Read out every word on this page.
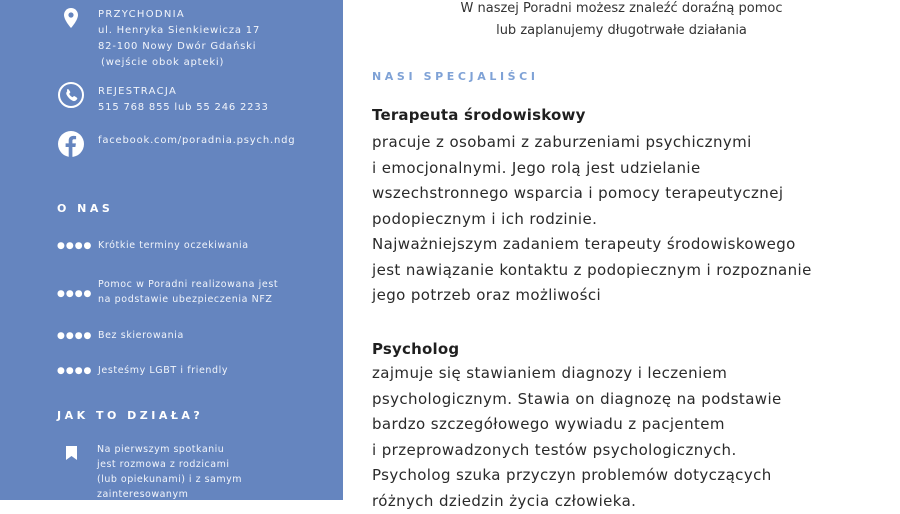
PRZYCHODNIA
ul. Henryka Sienkiewicza 17
82-100 Nowy Dwór Gdański
(wejście obok apteki)
REJESTRACJA
515 768 855 lub 55 246 2233
facebook.com/poradnia.psych.ndg
O NAS
●●●● Krótkie terminy oczekiwania
●●●●
Pomoc w Poradni realizowana jest
na podstawie ubezpieczenia NFZ
●●●● Bez skierowania
●●●● Jesteśmy LGBT i friendly
JAK TO DZIAŁA?
Na pierwszym spotkaniu
jest rozmowa z rodzicami
(lub opiekunami) i z samym
zainteresowanym
W naszej Poradni możesz znaleźć doraźną pomoc
lub zaplanujemy długotrwałe działania
NASI SPECJALIŚCI
Terapeuta środowiskowy
pracuje z osobami z zaburzeniami psychicznymi
i emocjonalnymi. Jego rolą jest udzielanie
wszechstronnego wsparcia i pomocy terapeutycznej
podopiecznym i ich rodzinie.
Najważniejszym zadaniem terapeuty środowiskowego
jest nawiązanie kontaktu z podopiecznym i rozpoznanie
jego potrzeb oraz możliwości
Psycholog
zajmuje się stawianiem diagnozy i leczeniem
psychologicznym. Stawia on diagnozę na podstawie
bardzo szczegółowego wywiadu z pacjentem
i przeprowadzonych testów psychologicznych.
Psycholog szuka przyczyn problemów dotyczących
różnych dziedzin życia człowieka.
